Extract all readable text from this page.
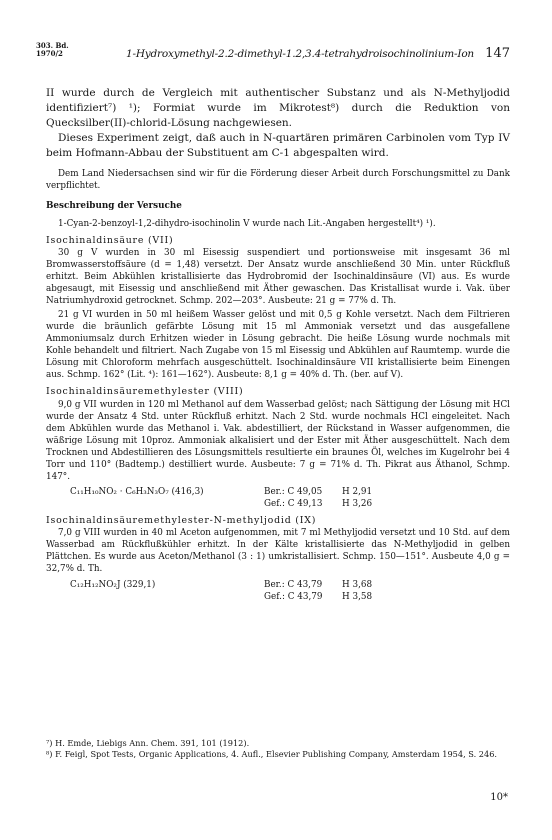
303. Bd.
1970/2	1-Hydroxymethyl-2.2-dimethyl-1.2,3.4-tetrahydroisochinolinium-Ion 147

II wurde durch de Vergleich mit authentischer Substanz und als N-Methyljodid identifiziert⁷) ¹); Formiat wurde im Mikrotest⁸) durch die Reduktion von Quecksilber(II)-chlorid-Lösung nachgewiesen.

Dieses Experiment zeigt, daß auch in N-quartären primären Carbinolen vom Typ IV beim Hofmann-Abbau der Substituent am C-1 abgespalten wird.

Dem Land Niedersachsen sind wir für die Förderung dieser Arbeit durch Forschungsmittel zu Dank verpflichtet.

Beschreibung der Versuche

1-Cyan-2-benzoyl-1,2-dihydro-isochinolin V wurde nach Lit.-Angaben hergestellt⁴) ¹).

Isochinaldinsäure (VII)

30 g V wurden in 30 ml Eisessig suspendiert und portionsweise mit insgesamt 36 ml Bromwasserstoffsäure (d = 1,48) versetzt. Der Ansatz wurde anschließend 30 Min. unter Rückfluß erhitzt. Beim Abkühlen kristallisierte das Hydrobromid der Isochinaldinsäure (VI) aus. Es wurde abgesaugt, mit Eisessig und anschließend mit Äther gewaschen. Das Kristallisat wurde i. Vak. über Natriumhydroxid getrocknet. Schmp. 202—203°. Ausbeute: 21 g = 77% d. Th.

21 g VI wurden in 50 ml heißem Wasser gelöst und mit 0,5 g Kohle versetzt. Nach dem Filtrieren wurde die bräunlich gefärbte Lösung mit 15 ml Ammoniak versetzt und das ausgefallene Ammoniumsalz durch Erhitzen wieder in Lösung gebracht. Die heiße Lösung wurde nochmals mit Kohle behandelt und filtriert. Nach Zugabe von 15 ml Eisessig und Abkühlen auf Raumtemp. wurde die Lösung mit Chloroform mehrfach ausgeschüttelt. Isochinaldinsäure VII kristallisierte beim Einengen aus. Schmp. 162° (Lit. ⁴): 161—162°). Ausbeute: 8,1 g = 40% d. Th. (ber. auf V).

Isochinaldinsäuremethylester (VIII)

9,0 g VII wurden in 120 ml Methanol auf dem Wasserbad gelöst; nach Sättigung der Lösung mit HCl wurde der Ansatz 4 Std. unter Rückfluß erhitzt. Nach 2 Std. wurde nochmals HCl eingeleitet. Nach dem Abkühlen wurde das Methanol i. Vak. abdestilliert, der Rückstand in Wasser aufgenommen, die wäßrige Lösung mit 10proz. Ammoniak alkalisiert und der Ester mit Äther ausgeschüttelt. Nach dem Trocknen und Abdestillieren des Lösungsmittels resultierte ein braunes Öl, welches im Kugelrohr bei 4 Torr und 110° (Badtemp.) destilliert wurde. Ausbeute: 7 g = 71% d. Th. Pikrat aus Äthanol, Schmp. 147°.

C₁₁H₁₀NO₂ · C₆H₃N₃O₇ (416,3)	Ber.: C 49,05	H 2,91
Gef.: C 49,13	H 3,26

Isochinaldinsäuremethylester-N-methyljodid (IX)

7,0 g VIII wurden in 40 ml Aceton aufgenommen, mit 7 ml Methyljodid versetzt und 10 Std. auf dem Wasserbad am Rückflußkühler erhitzt. In der Kälte kristallisierte das N-Methyljodid in gelben Plättchen. Es wurde aus Aceton/Methanol (3 : 1) umkristallisiert. Schmp. 150—151°. Ausbeute 4,0 g = 32,7% d. Th.

C₁₂H₁₂NO₂J (329,1)	Ber.: C 43,79	H 3,68
Gef.: C 43,79	H 3,58

⁷) H. Emde, Liebigs Ann. Chem. 391, 101 (1912).

⁸) F. Feigl, Spot Tests, Organic Applications, 4. Aufl., Elsevier Publishing Company, Amsterdam 1954, S. 246.

10*
